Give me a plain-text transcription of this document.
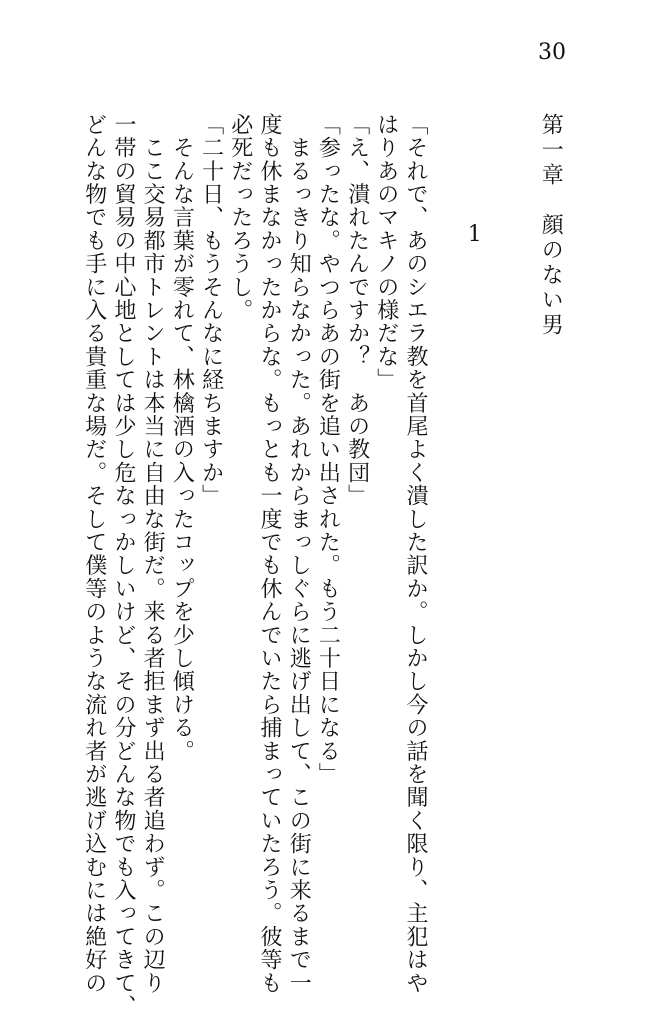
30
第一章　顔のない男
1
「それで、あのシエラ教を首尾よく潰した訳か。しかし今の話を聞く限り、主犯はや
はりあのマキノの様だな」
「え、潰れたんですか？　あの教団」
「参ったな。やつらあの街を追い出された。もう二十日になる」
　まるっきり知らなかった。あれからまっしぐらに逃げ出して、この街に来るまで一
度も休まなかったからな。もっとも一度でも休んでいたら捕まっていたろう。彼等も
必死だったろうし。
「二十日、もうそんなに経ちますか」
　そんな言葉が零れて、林檎酒の入ったコップを少し傾ける。
　ここ交易都市トレントは本当に自由な街だ。来る者拒まず出る者追わず。この辺り
一帯の貿易の中心地としては少し危なっかしいけど、その分どんな物でも入ってきて、
どんな物でも手に入る貴重な場だ。そして僕等のような流れ者が逃げ込むには絶好の
